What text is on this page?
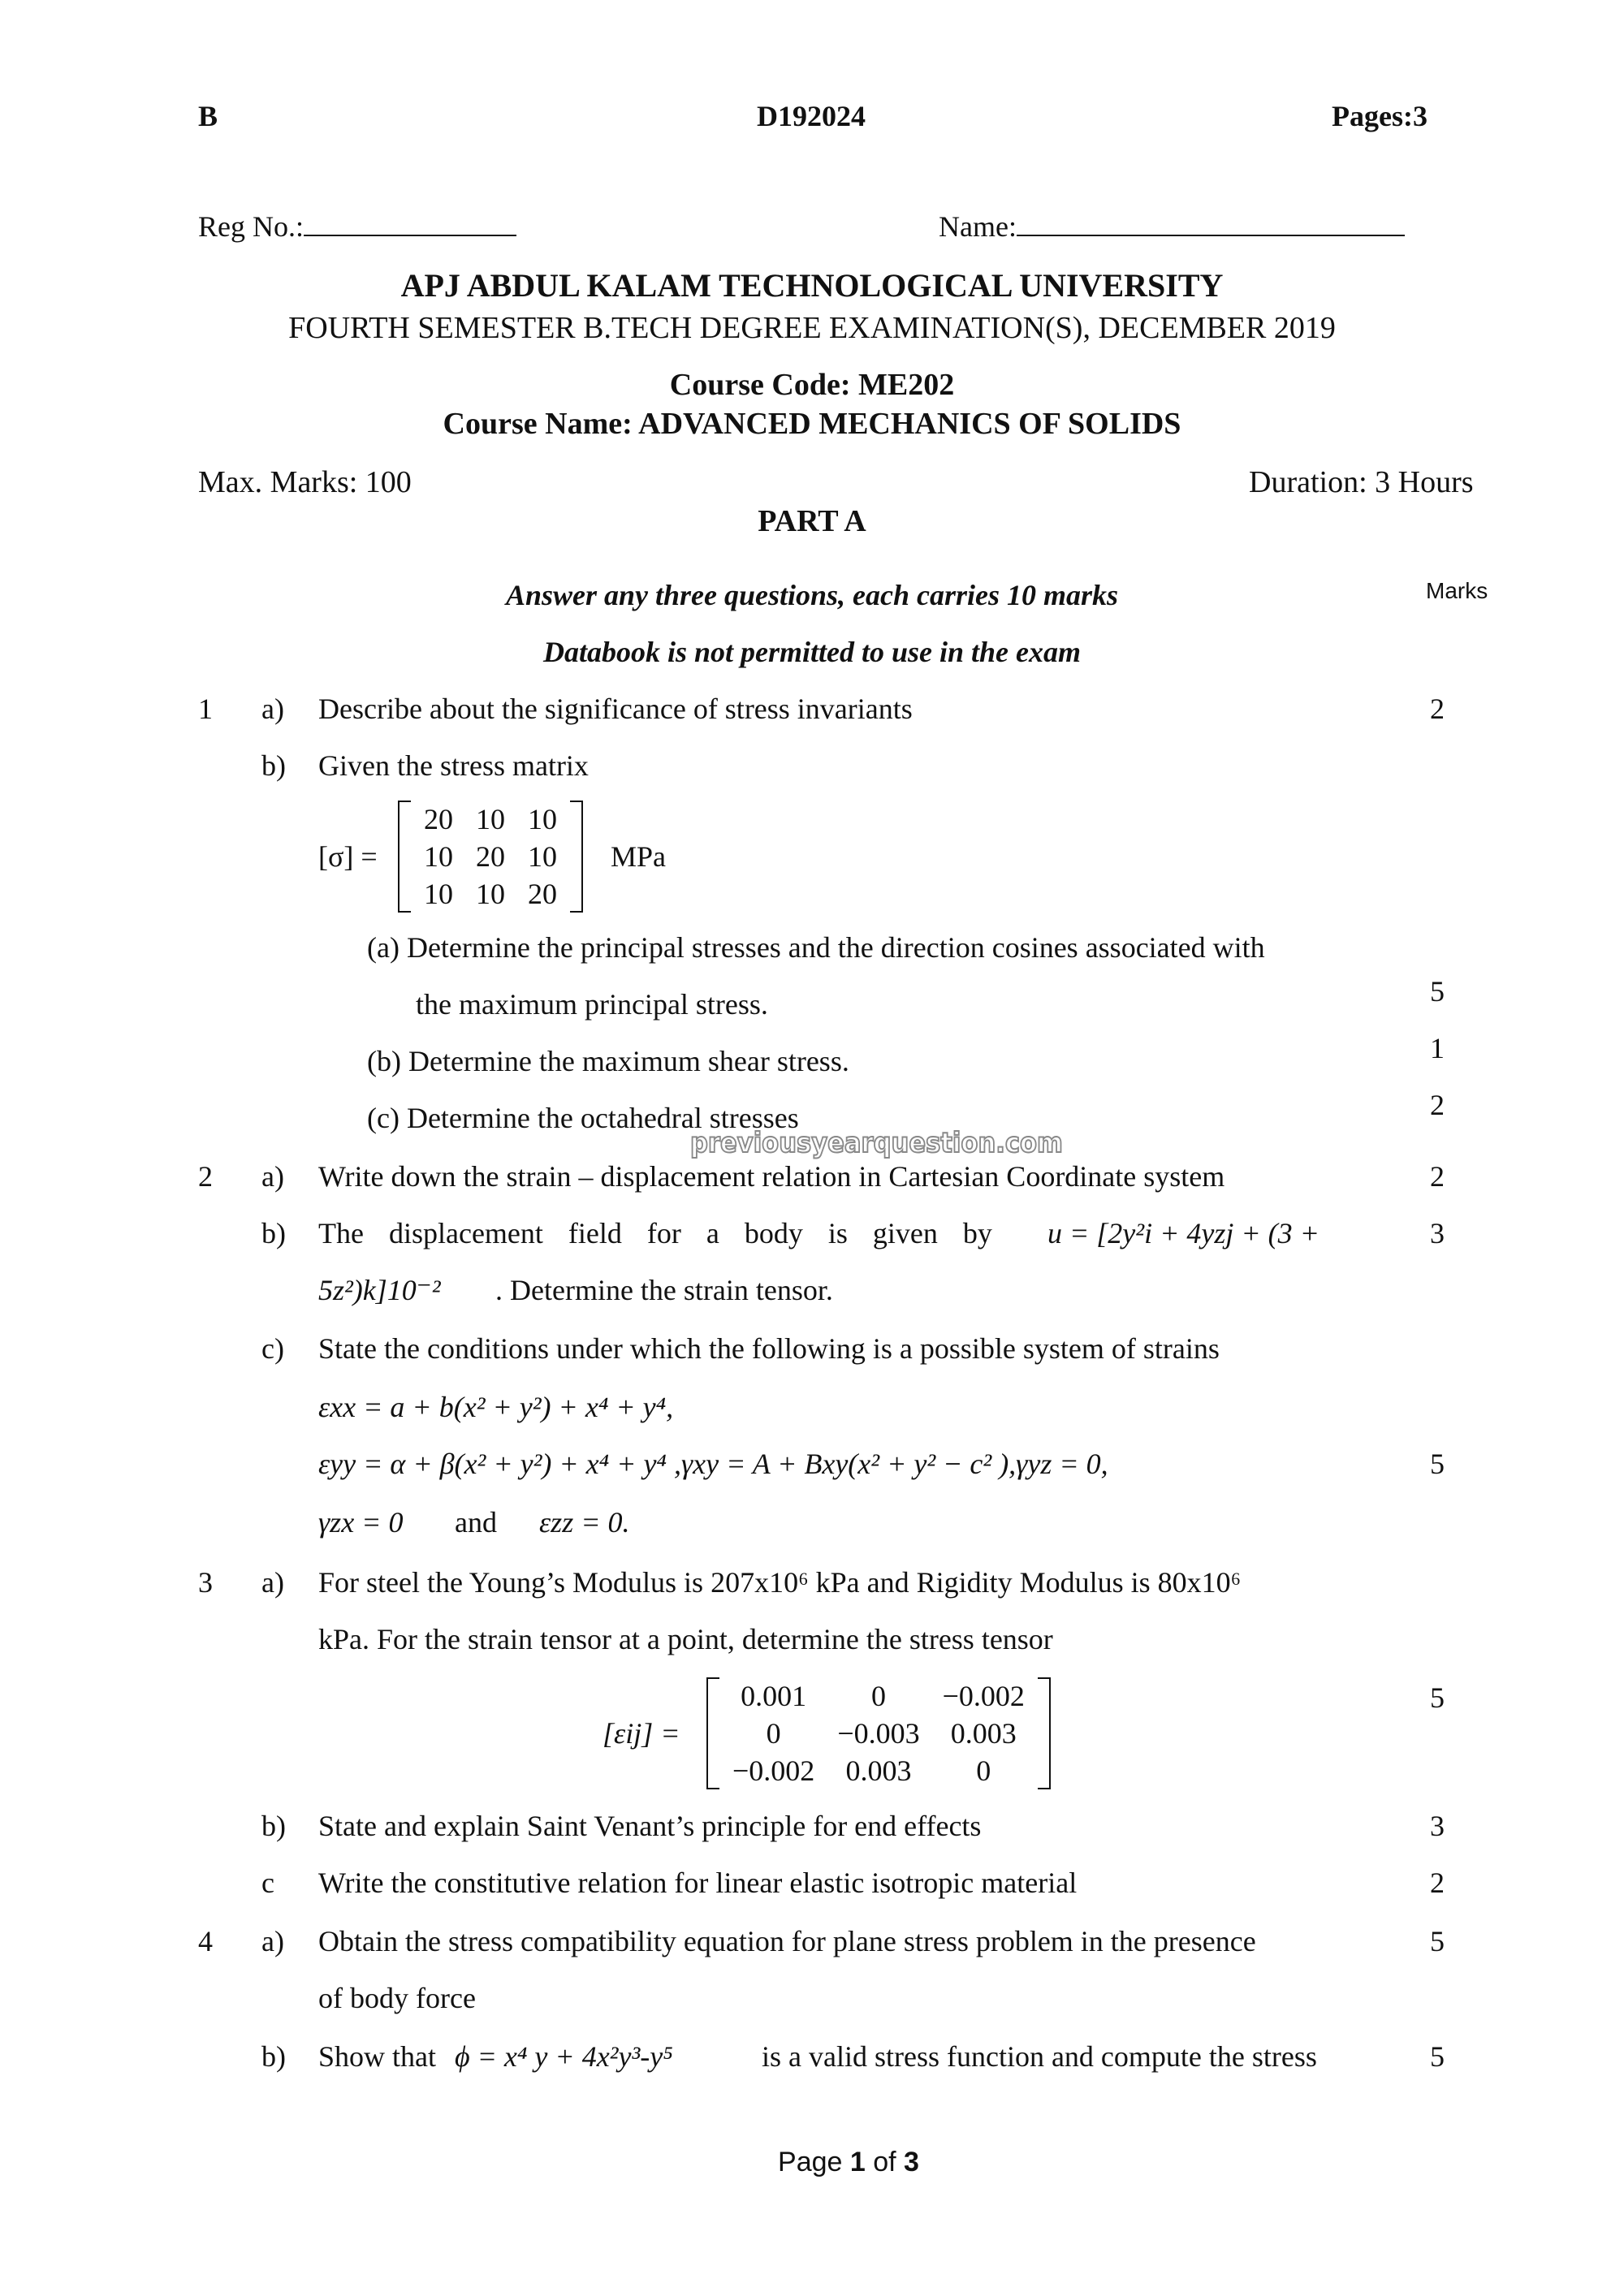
B	D192024	Pages:3
Reg No.:	Name:
APJ ABDUL KALAM TECHNOLOGICAL UNIVERSITY
FOURTH SEMESTER B.TECH DEGREE EXAMINATION(S), DECEMBER 2019
Course Code: ME202
Course Name: ADVANCED MECHANICS OF SOLIDS
Max. Marks: 100	Duration: 3 Hours
PART A
Answer any three questions, each carries 10 marks	Marks
Databook is not permitted to use in the exam
1 a) Describe about the significance of stress invariants	2
b) Given the stress matrix
[σ] =
20	10	10
10	20	10
10	10	20
MPa
(a) Determine the principal stresses and the direction cosines associated with
the maximum principal stress.	5
(b) Determine the maximum shear stress.	1
(c) Determine the octahedral stresses	2
previousyearquestion.com
2 a) Write down the strain – displacement relation in Cartesian Coordinate system	2
b) The displacement field for a body is given by u = [2y²i + 4yzj + (3 +	3
5z²)k]10⁻² . Determine the strain tensor.
c) State the conditions under which the following is a possible system of strains
εxx = a + b(x² + y²) + x⁴ + y⁴,
εyy = α + β(x² + y²) + x⁴ + y⁴ ,γxy = A + Bxy(x² + y² − c² ),γyz = 0,	5
γzx = 0 and εzz = 0.
3 a) For steel the Young’s Modulus is 207x10⁶ kPa and Rigidity Modulus is 80x10⁶
kPa. For the strain tensor at a point, determine the stress tensor
[εij] =
0.001	0	−0.002
0	−0.003	0.003
−0.002	0.003	0
5
b) State and explain Saint Venant’s principle for end effects	3
c Write the constitutive relation for linear elastic isotropic material	2
4 a) Obtain the stress compatibility equation for plane stress problem in the presence	5
of body force
b) Show that ϕ = x⁴ y + 4x²y³-y⁵	is a valid stress function and compute the stress	5
Page 1 of 3
